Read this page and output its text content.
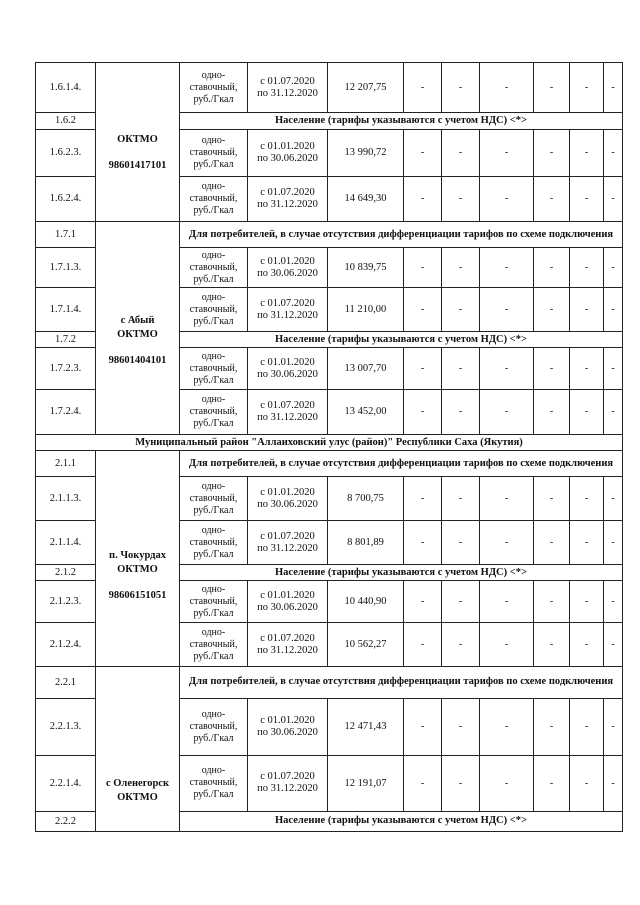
1.6.1.4.	ОКТМО
98601417101	одно-
ставочный,
руб./Гкал	с 01.07.2020
по 31.12.2020	12 207,75	-	-	-	-	-	-
1.6.2		Население (тарифы указываются с учетом НДС) <*>								
1.6.2.3.		одно-
ставочный,
руб./Гкал	с 01.01.2020
по 30.06.2020	13 990,72	-	-	-	-	-	-
1.6.2.4.		одно-
ставочный,
руб./Гкал	с 01.07.2020
по 31.12.2020	14 649,30	-	-	-	-	-	-
1.7.1	с Абый
ОКТМО
98601404101	Для потребителей, в случае отсутствия дифференциации тарифов по схеме подключения								
1.7.1.3.		одно-
ставочный,
руб./Гкал	с 01.01.2020
по 30.06.2020	10 839,75	-	-	-	-	-	-
1.7.1.4.		одно-
ставочный,
руб./Гкал	с 01.07.2020
по 31.12.2020	11 210,00	-	-	-	-	-	-
1.7.2		Население (тарифы указываются с учетом НДС) <*>								
1.7.2.3.		одно-
ставочный,
руб./Гкал	с 01.01.2020
по 30.06.2020	13 007,70	-	-	-	-	-	-
1.7.2.4.		одно-
ставочный,
руб./Гкал	с 01.07.2020
по 31.12.2020	13 452,00	-	-	-	-	-	-
Муниципальный район "Аллаиховский улус (район)" Республики Саха (Якутия)										
2.1.1	п. Чокурдах
ОКТМО
98606151051	Для потребителей, в случае отсутствия дифференциации тарифов по схеме подключения								
2.1.1.3.		одно-
ставочный,
руб./Гкал	с 01.01.2020
по 30.06.2020	8 700,75	-	-	-	-	-	-
2.1.1.4.		одно-
ставочный,
руб./Гкал	с 01.07.2020
по 31.12.2020	8 801,89	-	-	-	-	-	-
2.1.2		Население (тарифы указываются с учетом НДС) <*>								
2.1.2.3.		одно-
ставочный,
руб./Гкал	с 01.01.2020
по 30.06.2020	10 440,90	-	-	-	-	-	-
2.1.2.4.		одно-
ставочный,
руб./Гкал	с 01.07.2020
по 31.12.2020	10 562,27	-	-	-	-	-	-
2.2.1	с Оленегорск
ОКТМО	Для потребителей, в случае отсутствия дифференциации тарифов по схеме подключения								
2.2.1.3.		одно-
ставочный,
руб./Гкал	с 01.01.2020
по 30.06.2020	12 471,43	-	-	-	-	-	-
2.2.1.4.		одно-
ставочный,
руб./Гкал	с 01.07.2020
по 31.12.2020	12 191,07	-	-	-	-	-	-
2.2.2		Население (тарифы указываются с учетом НДС) <*>								
